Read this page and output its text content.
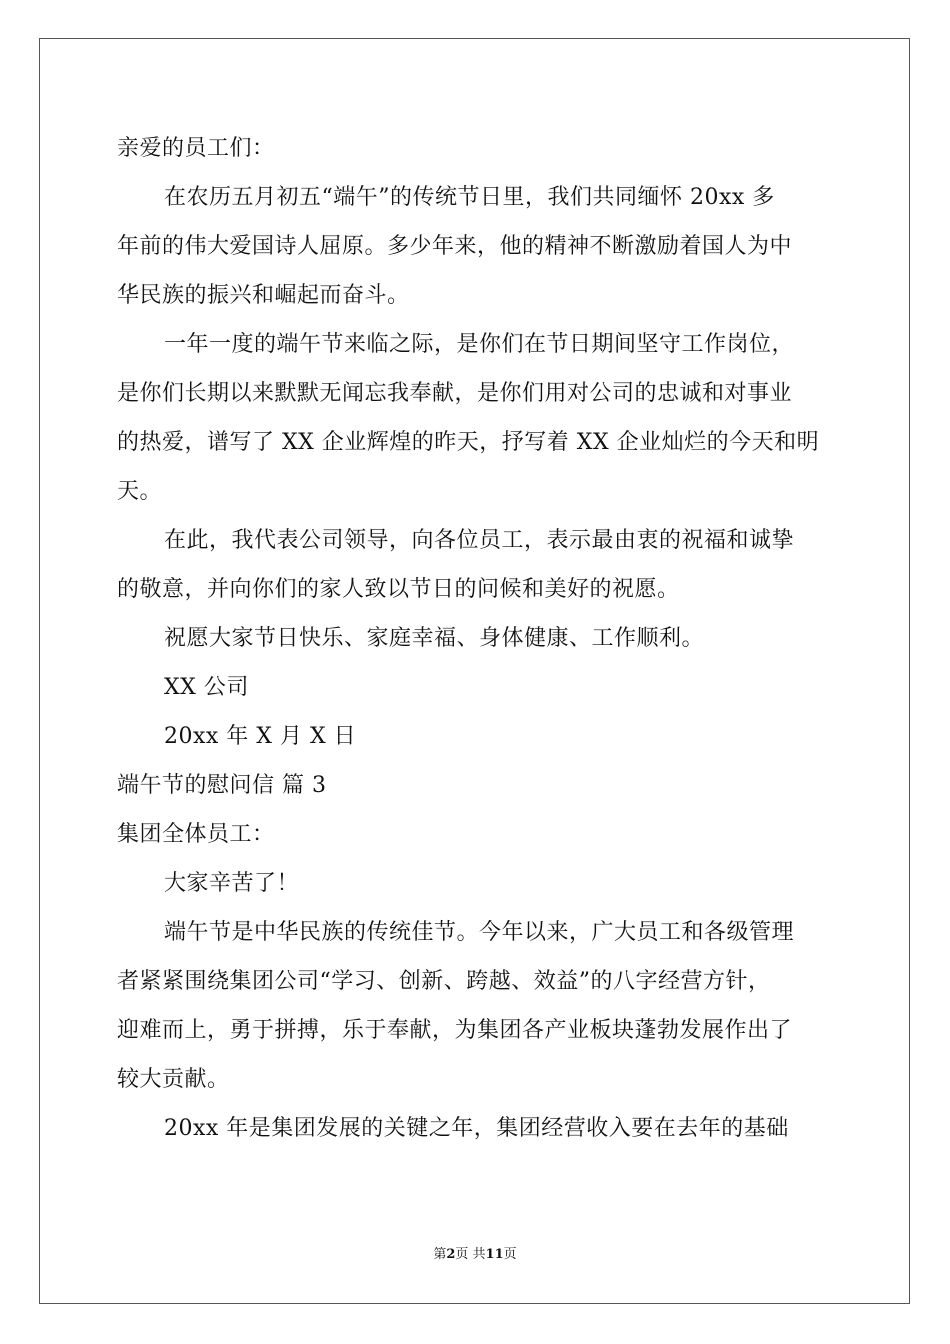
亲爱的员工们：
在农历五月初五“端午”的传统节日里，我们共同缅怀 20xx 多
年前的伟大爱国诗人屈原。多少年来，他的精神不断激励着国人为中
华民族的振兴和崛起而奋斗。
一年一度的端午节来临之际，是你们在节日期间坚守工作岗位，
是你们长期以来默默无闻忘我奉献，是你们用对公司的忠诚和对事业
的热爱，谱写了 XX 企业辉煌的昨天，抒写着 XX 企业灿烂的今天和明
天。
在此，我代表公司领导，向各位员工，表示最由衷的祝福和诚挚
的敬意，并向你们的家人致以节日的问候和美好的祝愿。
祝愿大家节日快乐、家庭幸福、身体健康、工作顺利。
XX 公司
20xx 年 X 月 X 日
端午节的慰问信 篇 3
集团全体员工：
大家辛苦了！
端午节是中华民族的传统佳节。今年以来，广大员工和各级管理
者紧紧围绕集团公司“学习、创新、跨越、效益”的八字经营方针，
迎难而上，勇于拼搏，乐于奉献，为集团各产业板块蓬勃发展作出了
较大贡献。
20xx 年是集团发展的关键之年，集团经营收入要在去年的基础
第2页 共11页
